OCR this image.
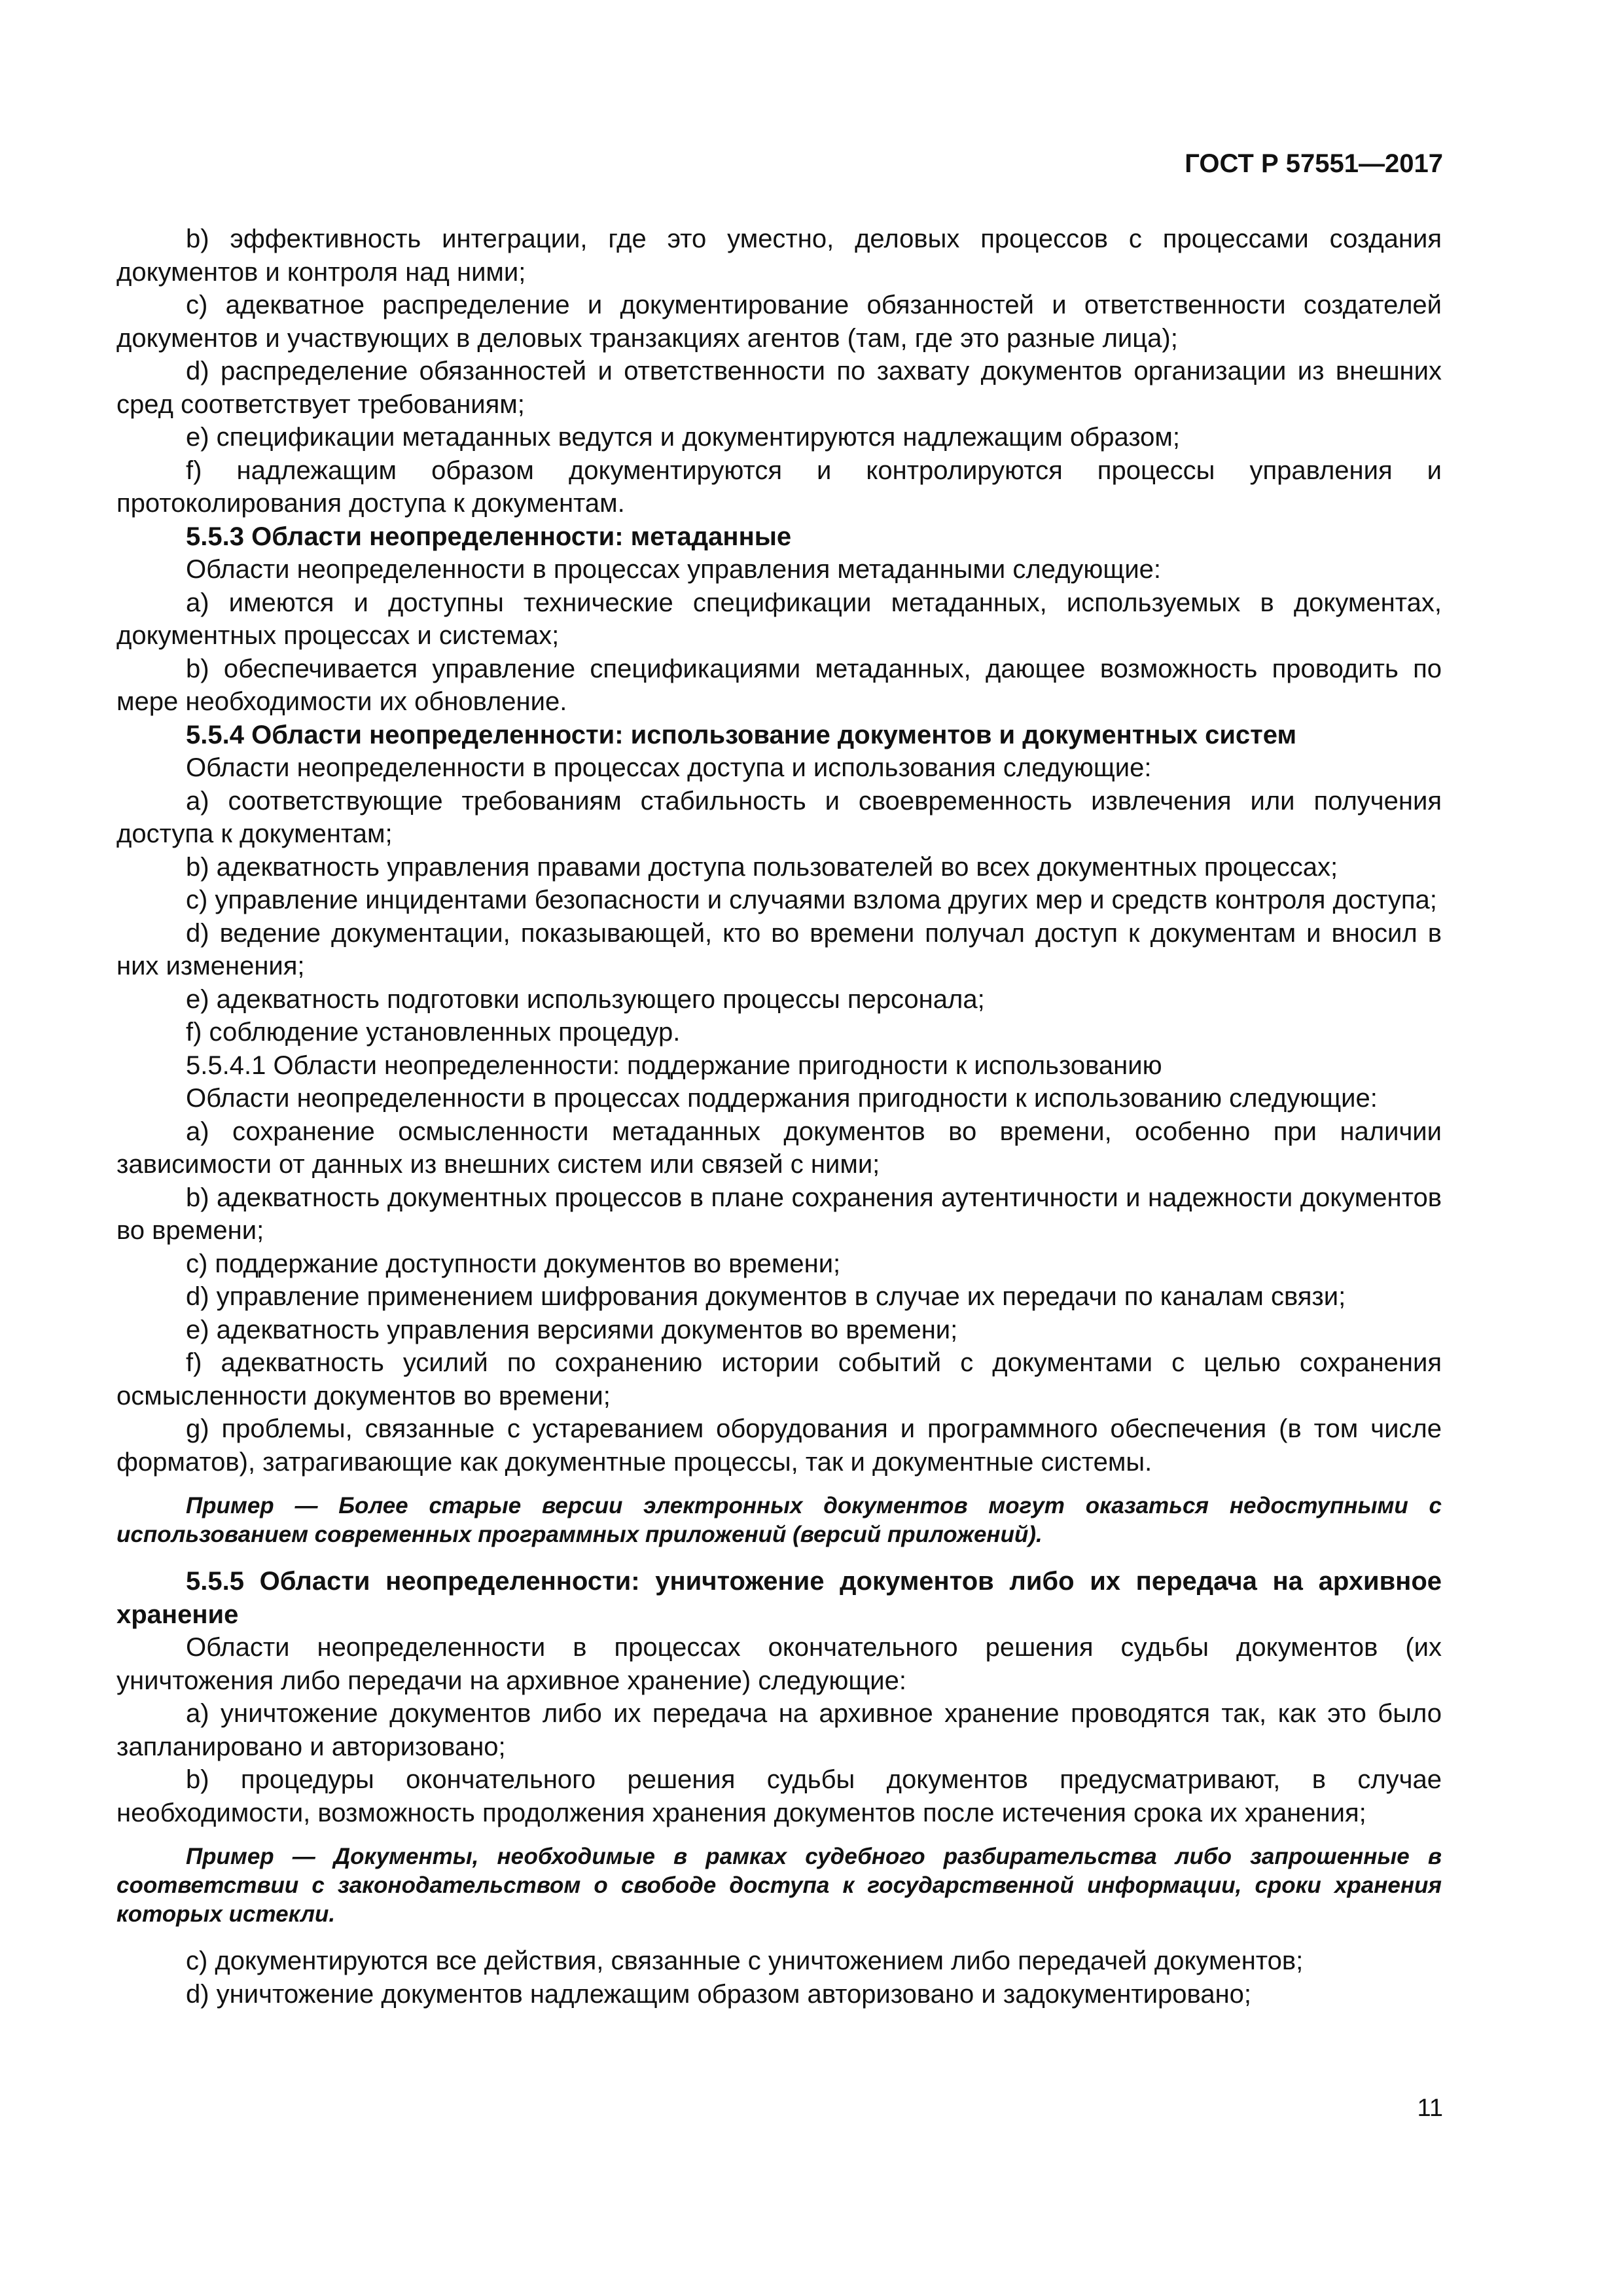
ГОСТ Р 57551—2017

b) эффективность интеграции, где это уместно, деловых процессов с процессами создания документов и контроля над ними;

c) адекватное распределение и документирование обязанностей и ответственности создателей документов и участвующих в деловых транзакциях агентов (там, где это разные лица);

d) распределение обязанностей и ответственности по захвату документов организации из внешних сред соответствует требованиям;

e) спецификации метаданных ведутся и документируются надлежащим образом;

f) надлежащим образом документируются и контролируются процессы управления и протоколирования доступа к документам.

5.5.3 Области неопределенности: метаданные

Области неопределенности в процессах управления метаданными следующие:

a) имеются и доступны технические спецификации метаданных, используемых в документах, документных процессах и системах;

b) обеспечивается управление спецификациями метаданных, дающее возможность проводить по мере необходимости их обновление.

5.5.4 Области неопределенности: использование документов и документных систем

Области неопределенности в процессах доступа и использования следующие:

a) соответствующие требованиям стабильность и своевременность извлечения или получения доступа к документам;

b) адекватность управления правами доступа пользователей во всех документных процессах;

c) управление инцидентами безопасности и случаями взлома других мер и средств контроля доступа;

d) ведение документации, показывающей, кто во времени получал доступ к документам и вносил в них изменения;

e) адекватность подготовки использующего процессы персонала;

f) соблюдение установленных процедур.

5.5.4.1 Области неопределенности: поддержание пригодности к использованию

Области неопределенности в процессах поддержания пригодности к использованию следующие:

a) сохранение осмысленности метаданных документов во времени, особенно при наличии зависимости от данных из внешних систем или связей с ними;

b) адекватность документных процессов в плане сохранения аутентичности и надежности документов во времени;

c) поддержание доступности документов во времени;

d) управление применением шифрования документов в случае их передачи по каналам связи;

e) адекватность управления версиями документов во времени;

f) адекватность усилий по сохранению истории событий с документами с целью сохранения осмысленности документов во времени;

g) проблемы, связанные с устареванием оборудования и программного обеспечения (в том числе форматов), затрагивающие как документные процессы, так и документные системы.

Пример — Более старые версии электронных документов могут оказаться недоступными с использованием современных программных приложений (версий приложений).

5.5.5 Области неопределенности: уничтожение документов либо их передача на архивное хранение

Области неопределенности в процессах окончательного решения судьбы документов (их уничтожения либо передачи на архивное хранение) следующие:

a) уничтожение документов либо их передача на архивное хранение проводятся так, как это было запланировано и авторизовано;

b) процедуры окончательного решения судьбы документов предусматривают, в случае необходимости, возможность продолжения хранения документов после истечения срока их хранения;

Пример — Документы, необходимые в рамках судебного разбирательства либо запрошенные в соответствии с законодательством о свободе доступа к государственной информации, сроки хранения которых истекли.

c) документируются все действия, связанные с уничтожением либо передачей документов;

d) уничтожение документов надлежащим образом авторизовано и задокументировано;

11
